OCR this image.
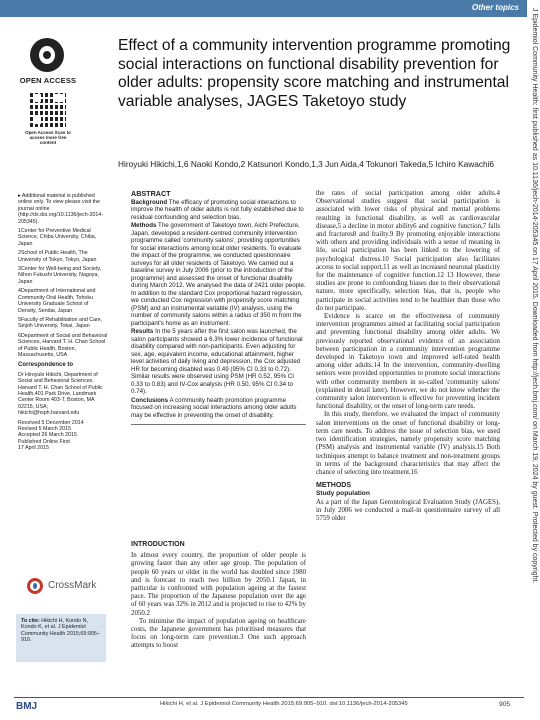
Other topics
J Epidemiol Community Health: first published as 10.1136/jech-2014-205345 on 17 April 2015. Downloaded from http://jech.bmj.com/ on March 19, 2024 by guest. Protected by copyright.
OPEN ACCESS
Open Access Scan to access more free content
Effect of a community intervention programme promoting social interactions on functional disability prevention for older adults: propensity score matching and instrumental variable analyses, JAGES Taketoyo study
Hiroyuki Hikichi,1,6 Naoki Kondo,2 Katsunori Kondo,1,3 Jun Aida,4 Tokunori Takeda,5 Ichiro Kawachi6

▸ Additional material is published online only. To view please visit the journal online (http://dx.doi.org/10.1136/jech-2014-205345).

1Center for Preventive Medical Science, Chiba University, Chiba, Japan

2School of Public Health, The University of Tokyo, Tokyo, Japan

3Center for Well-being and Society, Nihon Fukushi University, Nagoya, Japan

4Department of International and Community Oral Health, Tohoku University Graduate School of Density, Sendai, Japan

5Faculty of Rehabilitation and Care, Seijoh University, Tokai, Japan

6Department of Social and Behavioral Sciences, Harvard T. H. Chan School of Public Health, Boston, Massachusetts, USA

Correspondence to

Dr Hiroyuki Hikichi, Department of Social and Behavioral Sciences, Harvard T. H. Chan School of Public Health,401 Park Drive, Landmark Center Room 403-T, Boston, MA 02215, USA; hikichi@hsph.harvard.edu

Received 5 December 2014

Revised 5 March 2015

Accepted 26 March 2015

Published Online First

17 April 2015

CrossMark
To cite: Hikichi H, Kondo N, Kondo K, et al. J Epidemiol Community Health 2015;69:905–910.
ABSTRACT

Background The efficacy of promoting social interactions to improve the health of older adults is not fully established due to residual confounding and selection bias.

Methods The government of Taketoyo town, Aichi Prefecture, Japan, developed a resident-centred community intervention programme called 'community salons', providing opportunities for social interactions among local older residents. To evaluate the impact of the programme, we conducted questionnaire surveys for all older residents of Taketoyo. We carried out a baseline survey in July 2006 (prior to the introduction of the programme) and assessed the onset of functional disability during March 2012. We analysed the data of 2421 older people. In addition to the standard Cox proportional hazard regression, we conducted Cox regression with propensity score matching (PSM) and an instrumental variable (IV) analysis, using the number of community salons within a radius of 350 m from the participant's home as an instrument.

Results In the 5 years after the first salon was launched, the salon participants showed a 6.3% lower incidence of functional disability compared with non-participants. Even adjusting for sex, age, equivalent income, educational attainment, higher level activities of daily living and depression, the Cox adjusted HR for becoming disabled was 0.49 (95% CI 0.33 to 0.72). Similar results were observed using PSM (HR 0.52, 95% CI 0.33 to 0.83) and IV-Cox analysis (HR 0.50, 95% CI 0.34 to 0.74).

Conclusions A community health promotion programme focused on increasing social interactions among older adults may be effective in preventing the onset of disability.

INTRODUCTION

In almost every country, the proportion of older people is growing faster than any other age group. The population of people 60 years or older in the world has doubled since 1980 and is forecast to reach two billion by 2050.1 Japan, in particular is confronted with population ageing at the fastest pace. The proportion of the Japanese population over the age of 60 years was 32% in 2012 and is projected to rise to 42% by 2050.2

To minimise the impact of population ageing on healthcare costs, the Japanese government has prioritised measures that focus on long-term care prevention.3 One such approach attempts to boost

the rates of social participation among older adults.4 Observational studies suggest that social participation is associated with lower risks of physical and mental problems resulting in functional disability, as well as cardiovascular disease,5 a decline in motor ability6 and cognitive function,7 falls and fractures8 and frailty.9 By promoting enjoyable interactions with others and providing individuals with a sense of meaning in life, social participation has been linked to the lowering of psychological distress.10 Social participation also facilitates access to social support,11 as well as increased neuronal plasticity for the maintenance of cognitive function.12 13 However, these studies are prone to confounding biases due to their observational nature, more specifically, selection bias, that is, people who participate in social activities tend to be healthier than those who do not participate.

Evidence is scarce on the effectiveness of community intervention programmes aimed at facilitating social participation and preventing functional disability among older adults. We previously reported observational evidence of an association between participation in a community intervention programme developed in Taketoyo town and improved self-rated health among older adults.14 In the intervention, community-dwelling seniors were provided opportunities to promote social interactions with other community members in so-called 'community salons' (explained in detail later). However, we do not know whether the community salon intervention is effective for preventing incident functional disability, or the onset of long-term care needs.

In this study, therefore, we evaluated the impact of community salon interventions on the onset of functional disability or long-term care needs. To address the issue of selection bias, we used two identification strategies, namely propensity score matching (PSM) analysis and instrumental variable (IV) analysis.15 Both techniques attempt to balance treatment and non-treatment groups in terms of the background characteristics that may affect the chance of selecting into treatment.16

METHODS
Study population
As a part of the Japan Gerontological Evaluation Study (JAGES), in July 2006 we conducted a mail-in questionnaire survey of all 5759 older
BMJ	Hikichi H, et al. J Epidemiol Community Health 2015;69:905–910. doi:10.1136/jech-2014-205345	905
